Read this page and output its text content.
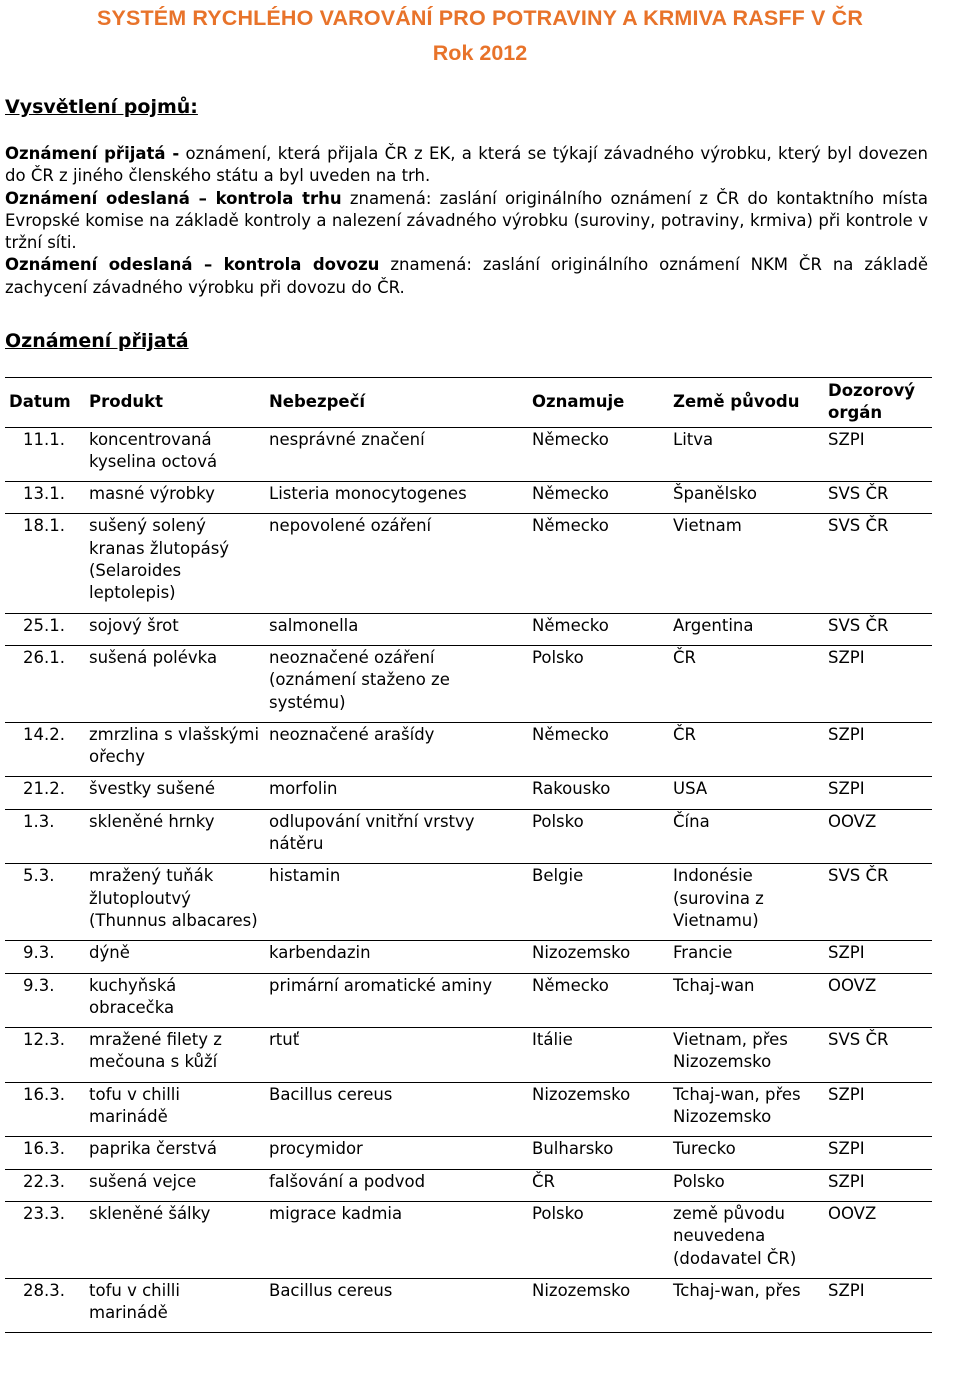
SYSTÉM RYCHLÉHO VAROVÁNÍ PRO POTRAVINY A KRMIVA RASFF V ČR
Rok 2012
Vysvětlení pojmů:

Oznámení přijatá - oznámení, která přijala ČR z EK, a která se týkají závadného výrobku, který byl dovezen do ČR z jiného členského státu a byl uveden na trh.

Oznámení odeslaná – kontrola trhu znamená: zaslání originálního oznámení z ČR do kontaktního místa Evropské komise na základě kontroly a nalezení závadného výrobku (suroviny, potraviny, krmiva) při kontrole v tržní síti.

Oznámení odeslaná – kontrola dovozu znamená: zaslání originálního oznámení NKM ČR na základě zachycení závadného výrobku při dovozu do ČR.

Oznámení přijatá
Datum	Produkt	Nebezpečí	Oznamuje	Země původu	Dozorový orgán
11.1.	koncentrovaná kyselina octová	nesprávné značení	Německo	Litva	SZPI
13.1.	masné výrobky	Listeria monocytogenes	Německo	Španělsko	SVS ČR
18.1.	sušený solený kranas žlutopásý (Selaroides leptolepis)	nepovolené ozáření	Německo	Vietnam	SVS ČR
25.1.	sojový šrot	salmonella	Německo	Argentina	SVS ČR
26.1.	sušená polévka	neoznačené ozáření (oznámení staženo ze systému)	Polsko	ČR	SZPI
14.2.	zmrzlina s vlašskými ořechy	neoznačené arašídy	Německo	ČR	SZPI
21.2.	švestky sušené	morfolin	Rakousko	USA	SZPI
1.3.	skleněné hrnky	odlupování vnitřní vrstvy nátěru	Polsko	Čína	OOVZ
5.3.	mražený tuňák žlutoploutvý (Thunnus albacares)	histamin	Belgie	Indonésie (surovina z Vietnamu)	SVS ČR
9.3.	dýně	karbendazin	Nizozemsko	Francie	SZPI
9.3.	kuchyňská obracečka	primární aromatické aminy	Německo	Tchaj-wan	OOVZ
12.3.	mražené filety z mečouna s kůží	rtuť	Itálie	Vietnam, přes Nizozemsko	SVS ČR
16.3.	tofu v chilli marinádě	Bacillus cereus	Nizozemsko	Tchaj-wan, přes Nizozemsko	SZPI
16.3.	paprika čerstvá	procymidor	Bulharsko	Turecko	SZPI
22.3.	sušená vejce	falšování a podvod	ČR	Polsko	SZPI
23.3.	skleněné šálky	migrace kadmia	Polsko	země původu neuvedena (dodavatel ČR)	OOVZ
28.3.	tofu v chilli marinádě	Bacillus cereus	Nizozemsko	Tchaj-wan, přes	SZPI
